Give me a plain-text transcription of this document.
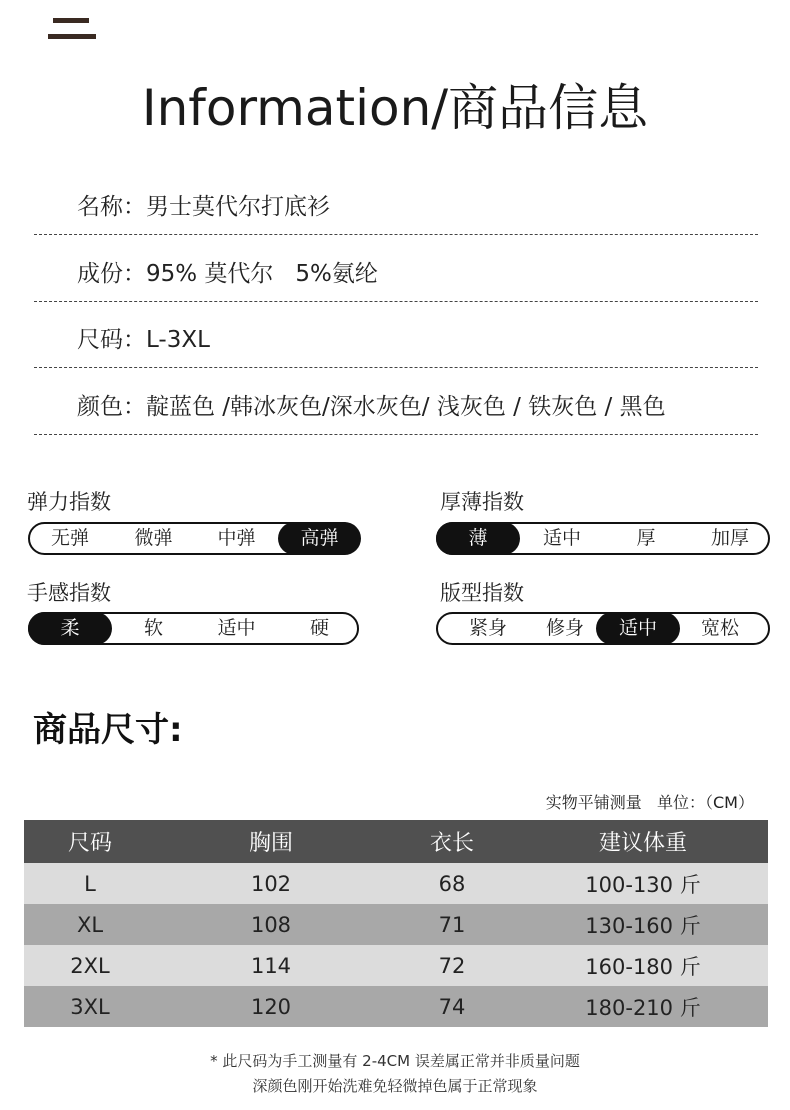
Information/商品信息
名称：男士莫代尔打底衫
成份：95% 莫代尔   5%氨纶
尺码：L-3XL
颜色：靛蓝色 /韩冰灰色/深水灰色/ 浅灰色 / 铁灰色 / 黑色
弹力指数
无弹	微弹	中弹	高弹
厚薄指数
薄	适中	厚	加厚
手感指数
柔	软	适中	硬
版型指数
紧身	修身	适中	宽松
商品尺寸:
实物平铺测量   单位：（CM）
尺码	胸围	衣长	建议体重
L	102	68	100-130 斤
XL	108	71	130-160 斤
2XL	114	72	160-180 斤
3XL	120	74	180-210 斤
* 此尺码为手工测量有 2-4CM 误差属正常并非质量问题
深颜色刚开始洗难免轻微掉色属于正常现象
